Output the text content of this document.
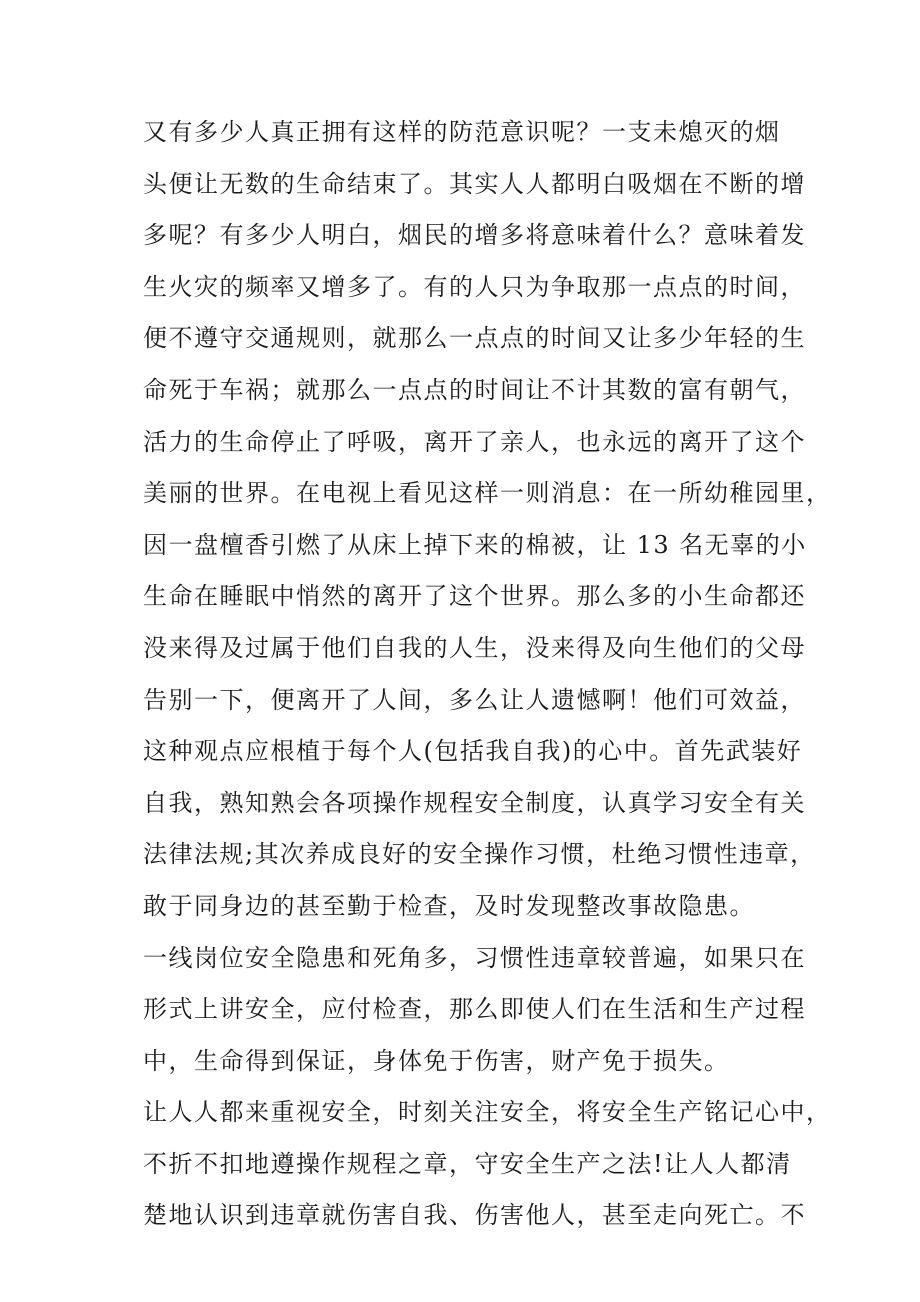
又有多少人真正拥有这样的防范意识呢？一支未熄灭的烟
头便让无数的生命结束了。其实人人都明白吸烟在不断的增
多呢？有多少人明白，烟民的增多将意味着什么？意味着发
生火灾的频率又增多了。有的人只为争取那一点点的时间，
便不遵守交通规则，就那么一点点的时间又让多少年轻的生
命死于车祸；就那么一点点的时间让不计其数的富有朝气，
活力的生命停止了呼吸，离开了亲人，也永远的离开了这个
美丽的世界。在电视上看见这样一则消息：在一所幼稚园里，
因一盘檀香引燃了从床上掉下来的棉被，让 13 名无辜的小
生命在睡眠中悄然的离开了这个世界。那么多的小生命都还
没来得及过属于他们自我的人生，没来得及向生他们的父母
告别一下，便离开了人间，多么让人遗憾啊！他们可效益，
这种观点应根植于每个人(包括我自我)的心中。首先武装好
自我，熟知熟会各项操作规程安全制度，认真学习安全有关
法律法规;其次养成良好的安全操作习惯，杜绝习惯性违章，
敢于同身边的甚至勤于检查，及时发现整改事故隐患。
一线岗位安全隐患和死角多，习惯性违章较普遍，如果只在
形式上讲安全，应付检查，那么即使人们在生活和生产过程
中，生命得到保证，身体免于伤害，财产免于损失。
让人人都来重视安全，时刻关注安全，将安全生产铭记心中，
不折不扣地遵操作规程之章，守安全生产之法!让人人都清
楚地认识到违章就伤害自我、伤害他人，甚至走向死亡。不
